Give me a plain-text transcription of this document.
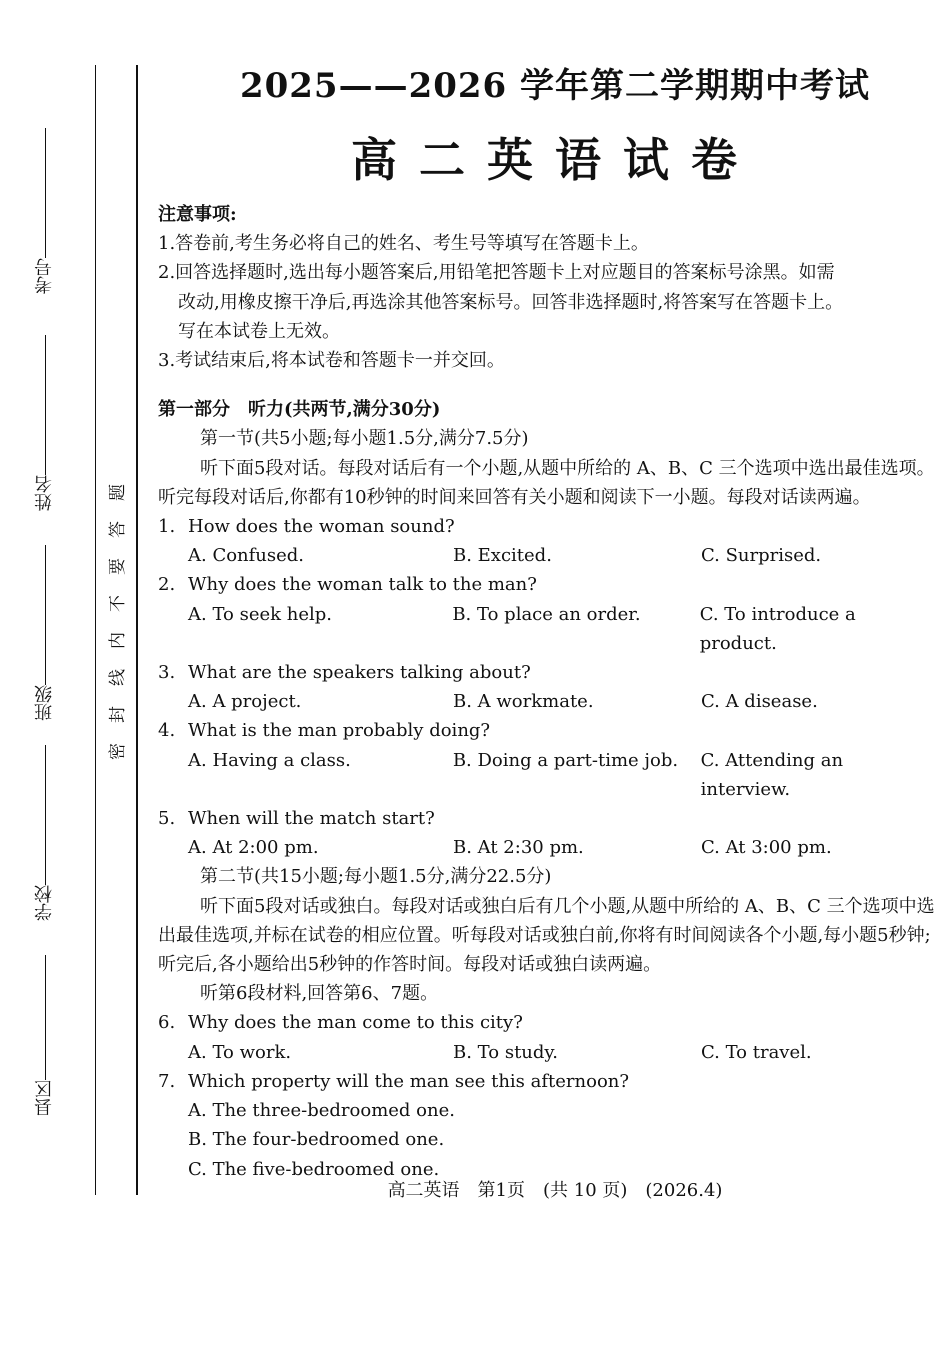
考号
姓名
班级
学校
县区
题
答
要
不
内
线
封
密
2025——2026 学年第二学期期中考试
高二英语试卷

注意事项:

1.答卷前,考生务必将自己的姓名、考生号等填写在答题卡上。

2.回答选择题时,选出每小题答案后,用铅笔把答题卡上对应题目的答案标号涂黑。如需

改动,用橡皮擦干净后,再选涂其他答案标号。回答非选择题时,将答案写在答题卡上。

写在本试卷上无效。

3.考试结束后,将本试卷和答题卡一并交回。

第一部分　听力(共两节,满分30分)

第一节(共5小题;每小题1.5分,满分7.5分)

听下面5段对话。每段对话后有一个小题,从题中所给的 A、B、C 三个选项中选出最佳选项。听完每段对话后,你都有10秒钟的时间来回答有关小题和阅读下一小题。每段对话读两遍。

1. How does the woman sound?
A. Confused.	B. Excited.	C. Surprised.
2. Why does the woman talk to the man?
A. To seek help.	B. To place an order.	C. To introduce a product.
3. What are the speakers talking about?
A. A project.	B. A workmate.	C. A disease.
4. What is the man probably doing?
A. Having a class.	B. Doing a part-time job.	C. Attending an interview.
5. When will the match start?
A. At 2:00 pm.	B. At 2:30 pm.	C. At 3:00 pm.

第二节(共15小题;每小题1.5分,满分22.5分)

听下面5段对话或独白。每段对话或独白后有几个小题,从题中所给的 A、B、C 三个选项中选出最佳选项,并标在试卷的相应位置。听每段对话或独白前,你将有时间阅读各个小题,每小题5秒钟;听完后,各小题给出5秒钟的作答时间。每段对话或独白读两遍。

听第6段材料,回答第6、7题。

6. Why does the man come to this city?
A. To work.	B. To study.	C. To travel.
7. Which property will the man see this afternoon?
A. The three-bedroomed one.
B. The four-bedroomed one.
C. The five-bedroomed one.
高二英语　第1页　(共 10 页)　(2026.4)
